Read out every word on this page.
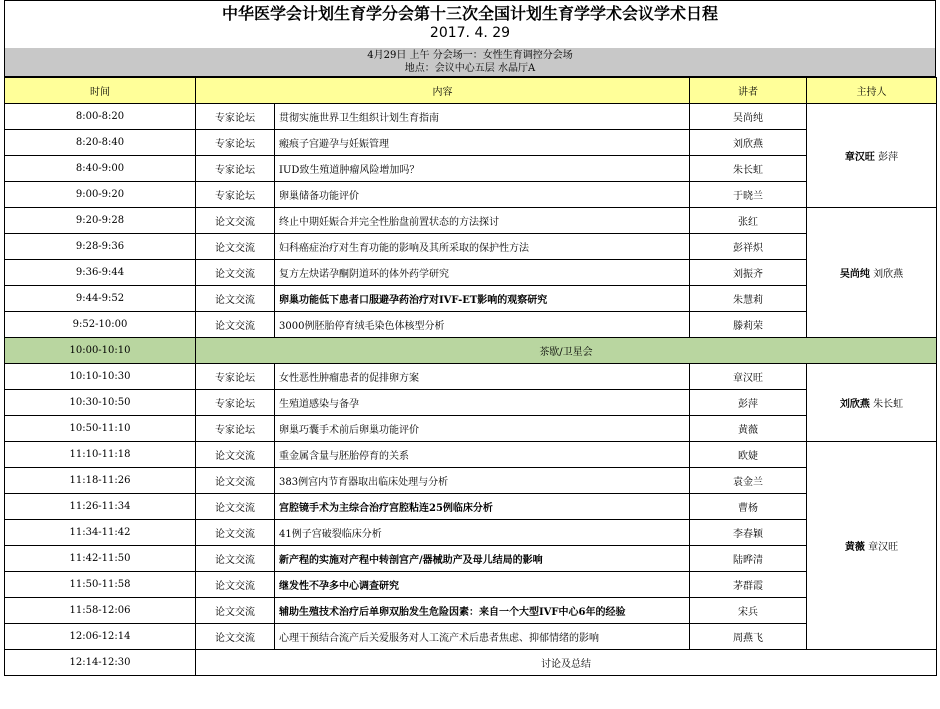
中华医学会计划生育学分会第十三次全国计划生育学学术会议学术日程
2017. 4. 29
4月29日 上午 分会场一：女性生育调控分会场
地点：会议中心五层 水晶厅A
时间	内容		讲者	主持人
8:00-8:20	专家论坛	贯彻实施世界卫生组织计划生育指南	吴尚纯	章汉旺 彭萍
8:20-8:40	专家论坛	瘢痕子宫避孕与妊娠管理	刘欣燕	
8:40-9:00	专家论坛	IUD致生殖道肿瘤风险增加吗？	朱长虹	
9:00-9:20	专家论坛	卵巢储备功能评价	于晓兰	
9:20-9:28	论文交流	终止中期妊娠合并完全性胎盘前置状态的方法探讨	张红	吴尚纯 刘欣燕
9:28-9:36	论文交流	妇科癌症治疗对生育功能的影响及其所采取的保护性方法	彭祥炽	
9:36-9:44	论文交流	复方左炔诺孕酮阴道环的体外药学研究	刘振齐	
9:44-9:52	论文交流	卵巢功能低下患者口服避孕药治疗对IVF-ET影响的观察研究	朱慧莉	
9:52-10:00	论文交流	3000例胚胎停育绒毛染色体核型分析	滕莉荣	
10:00-10:10	茶歇/卫星会			
10:10-10:30	专家论坛	女性恶性肿瘤患者的促排卵方案	章汉旺	刘欣燕 朱长虹
10:30-10:50	专家论坛	生殖道感染与备孕	彭萍	
10:50-11:10	专家论坛	卵巢巧囊手术前后卵巢功能评价	黄薇	
11:10-11:18	论文交流	重金属含量与胚胎停育的关系	欧婕	黄薇 章汉旺
11:18-11:26	论文交流	383例宫内节育器取出临床处理与分析	袁金兰	
11:26-11:34	论文交流	宫腔镜手术为主综合治疗宫腔粘连25例临床分析	曹杨	
11:34-11:42	论文交流	41例子宫破裂临床分析	李春颖	
11:42-11:50	论文交流	新产程的实施对产程中转剖宫产/器械助产及母儿结局的影响	陆晔清	
11:50-11:58	论文交流	继发性不孕多中心调查研究	茅群霞	
11:58-12:06	论文交流	辅助生殖技术治疗后单卵双胎发生危险因素：来自一个大型IVF中心6年的经验	宋兵	
12:06-12:14	论文交流	心理干预结合流产后关爱服务对人工流产术后患者焦虑、抑郁情绪的影响	周燕飞	
12:14-12:30	讨论及总结			
